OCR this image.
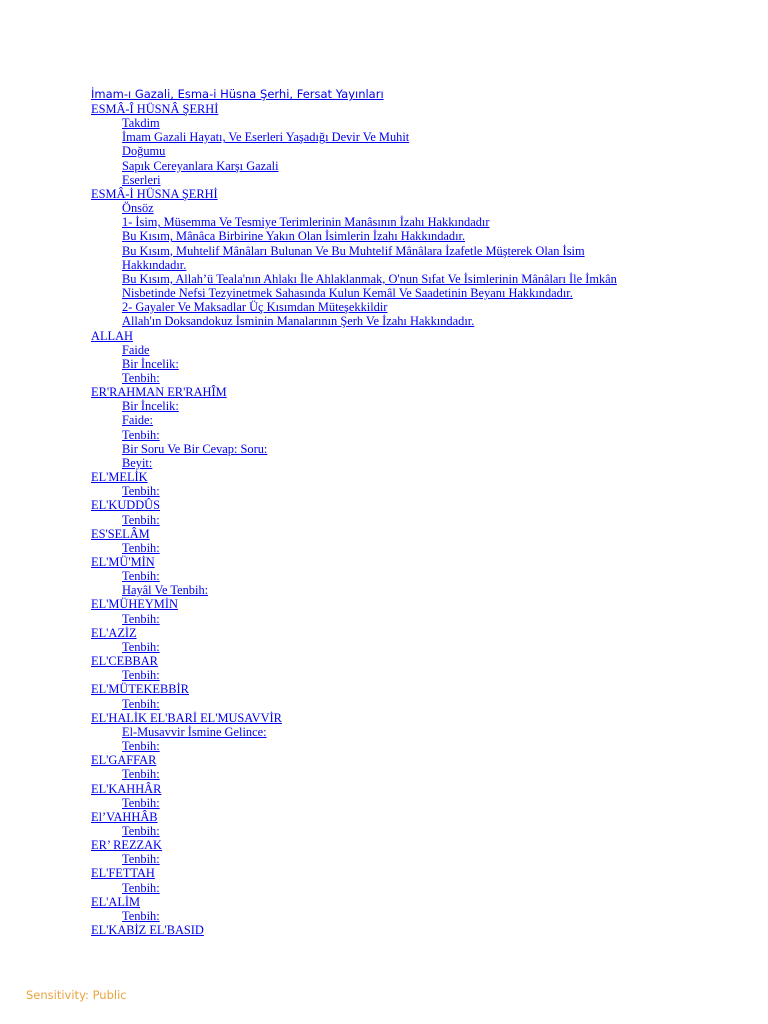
İmam-ı Gazali, Esma-i Hüsna Şerhi, Fersat Yayınları
ESMÂ-Î HÜSNÂ ŞERHİ
Takdim
İmam Gazali Hayatı, Ve Eserleri Yaşadığı Devir Ve Muhit
Doğumu
Sapık Cereyanlara Karşı Gazali
Eserleri
ESMÂ-İ HÜSNA ŞERHİ
Önsöz
1- İsim, Müsemma Ve Tesmiye Terimlerinin Manâsının İzahı Hakkındadır
Bu Kısım, Mânâca Birbirine Yakın Olan İsimlerin İzahı Hakkındadır.
Bu Kısım, Muhtelif Mânâları Bulunan Ve Bu Muhtelif Mânâlara İzafetle Müşterek Olan İsim
Hakkındadır.
Bu Kısım, Allah’ü Teala'nın Ahlakı İle Ahlaklanmak, O'nun Sıfat Ve İsimlerinin Mânâları İle İmkân
Nisbetinde Nefsi Tezyinetmek Sahasında Kulun Kemâl Ve Saadetinin Beyanı Hakkındadır.
2- Gayaler Ve Maksadlar Üç Kısımdan Müteşekkildir
Allah'ın Doksandokuz İsminin Manalarının Şerh Ve İzahı Hakkındadır.
ALLAH
Faide
Bir İncelik:
Tenbih:
ER'RAHMAN ER'RAHÎM
Bir İncelik:
Faide:
Tenbih:
Bir Soru Ve Bir Cevap: Soru:
Beyit:
EL'MELİK
Tenbih:
EL'KUDDÛS
Tenbih:
ES'SELÂM
Tenbih:
EL'MÜ'MİN
Tenbih:
Hayâl Ve Tenbih:
EL'MÜHEYMİN
Tenbih:
EL'AZİZ
Tenbih:
EL'CEBBAR
Tenbih:
EL'MÜTEKEBBİR
Tenbih:
EL'HALİK EL'BARİ EL'MUSAVVİR
El-Musavvir İsmine Gelince:
Tenbih:
EL'GAFFAR
Tenbih:
EL'KAHHÂR
Tenbih:
El’VAHHÂB
Tenbih:
ER’ REZZAK
Tenbih:
EL'FETTAH
Tenbih:
EL'ALİM
Tenbih:
EL'KABİZ EL'BASID
Sensitivity: Public
